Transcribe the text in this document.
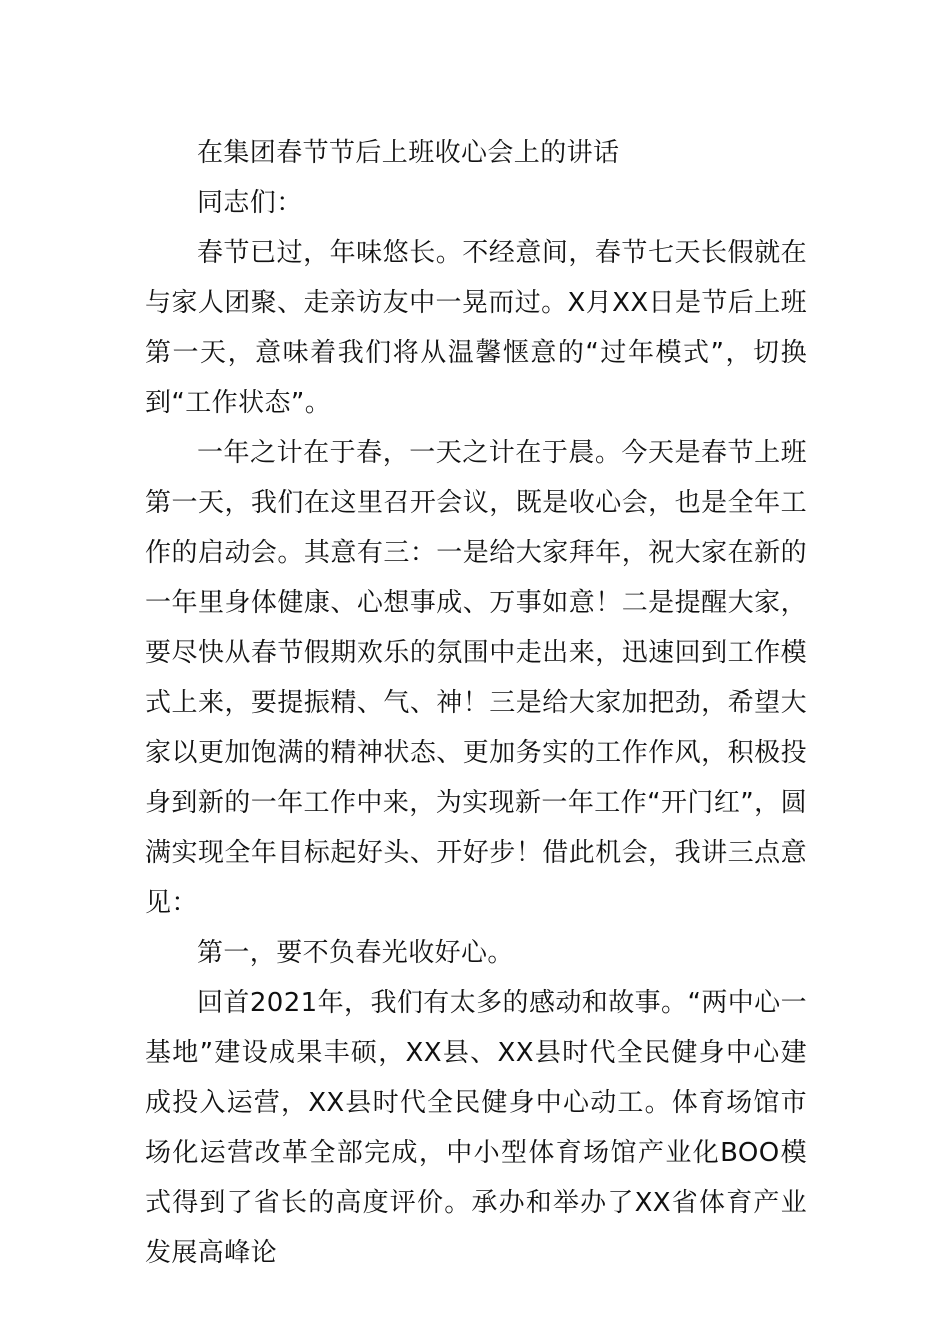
在集团春节节后上班收心会上的讲话

同志们：

春节已过，年味悠长。不经意间，春节七天长假就在与家人团聚、走亲访友中一晃而过。X月XX日是节后上班第一天，意味着我们将从温馨惬意的“过年模式”，切换到“工作状态”。

一年之计在于春，一天之计在于晨。今天是春节上班第一天，我们在这里召开会议，既是收心会，也是全年工作的启动会。其意有三：一是给大家拜年，祝大家在新的一年里身体健康、心想事成、万事如意！二是提醒大家，要尽快从春节假期欢乐的氛围中走出来，迅速回到工作模式上来，要提振精、气、神！三是给大家加把劲，希望大家以更加饱满的精神状态、更加务实的工作作风，积极投身到新的一年工作中来，为实现新一年工作“开门红”，圆满实现全年目标起好头、开好步！借此机会，我讲三点意见：

第一，要不负春光收好心。

回首2021年，我们有太多的感动和故事。“两中心一基地”建设成果丰硕，XX县、XX县时代全民健身中心建成投入运营，XX县时代全民健身中心动工。体育场馆市场化运营改革全部完成，中小型体育场馆产业化BOO模式得到了省长的高度评价。承办和举办了XX省体育产业发展高峰论
